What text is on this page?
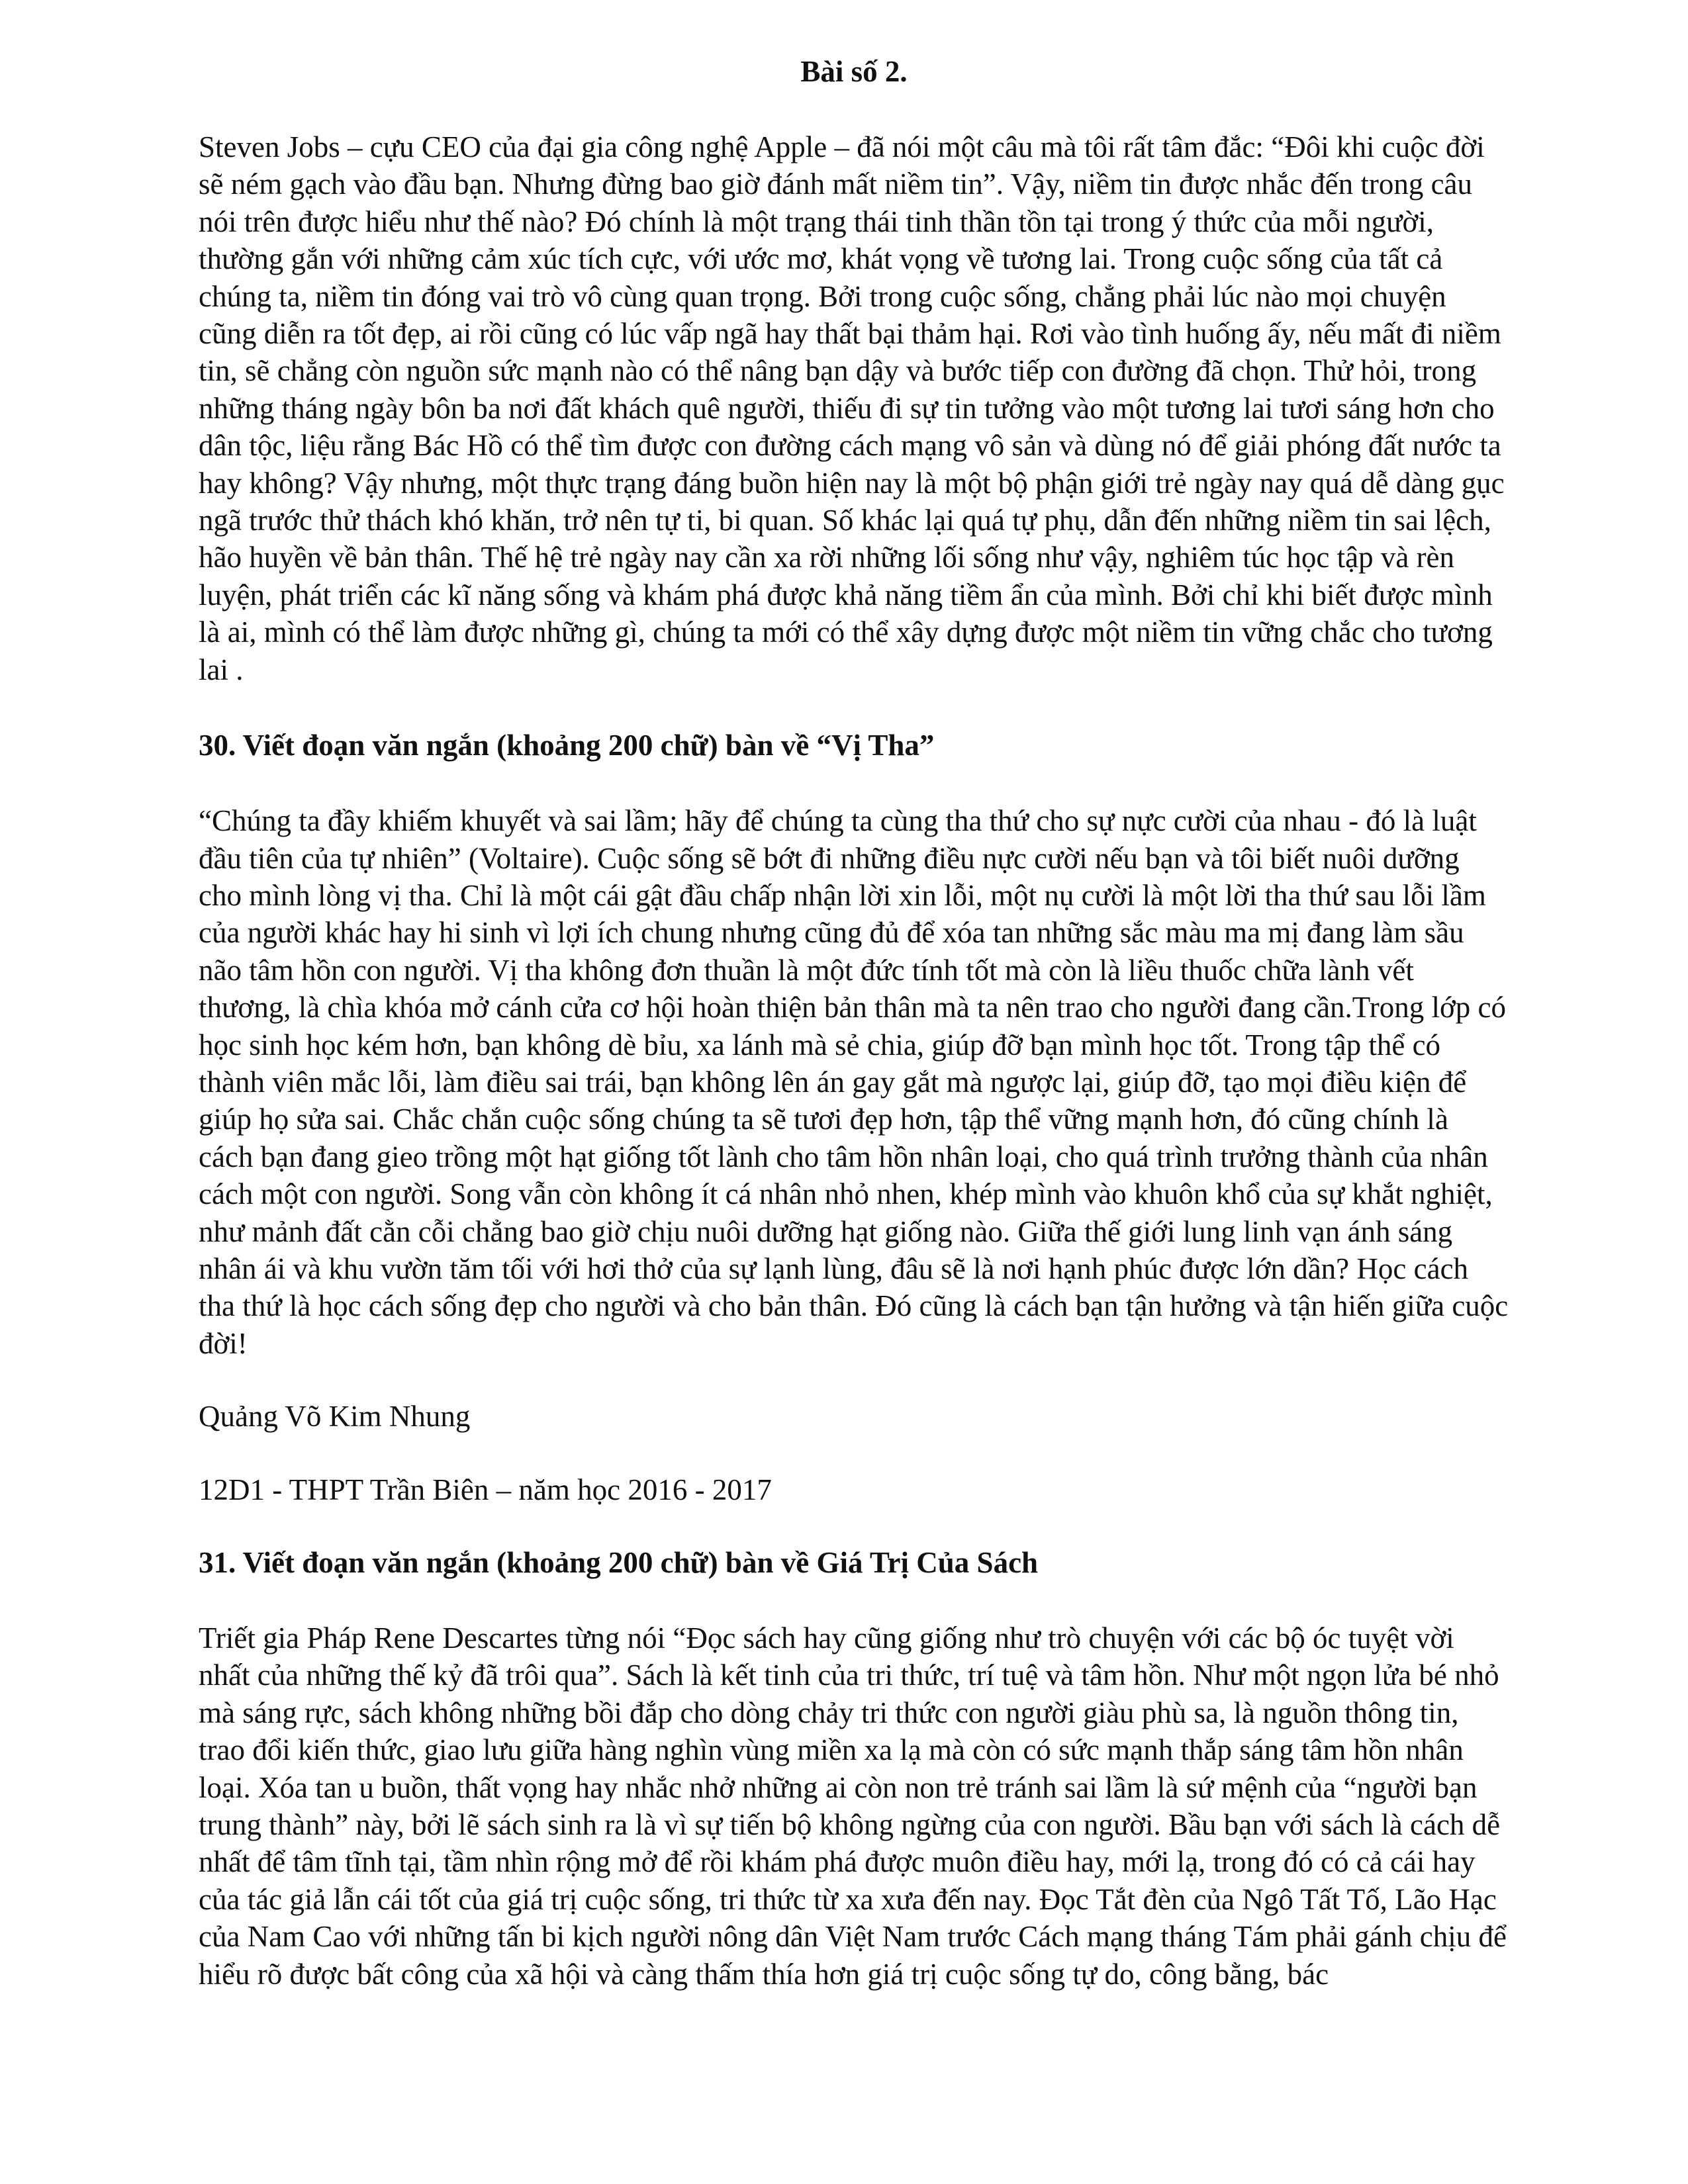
Bài số 2.

Steven Jobs – cựu CEO của đại gia công nghệ Apple – đã nói một câu mà tôi rất tâm đắc: “Đôi khi cuộc đời sẽ ném gạch vào đầu bạn. Nhưng đừng bao giờ đánh mất niềm tin”. Vậy, niềm tin được nhắc đến trong câu nói trên được hiểu như thế nào? Đó chính là một trạng thái tinh thần tồn tại trong ý thức của mỗi người, thường gắn với những cảm xúc tích cực, với ước mơ, khát vọng về tương lai. Trong cuộc sống của tất cả chúng ta, niềm tin đóng vai trò vô cùng quan trọng. Bởi trong cuộc sống, chẳng phải lúc nào mọi chuyện cũng diễn ra tốt đẹp, ai rồi cũng có lúc vấp ngã hay thất bại thảm hại. Rơi vào tình huống ấy, nếu mất đi niềm tin, sẽ chẳng còn nguồn sức mạnh nào có thể nâng bạn dậy và bước tiếp con đường đã chọn. Thử hỏi, trong những tháng ngày bôn ba nơi đất khách quê người, thiếu đi sự tin tưởng vào một tương lai tươi sáng hơn cho dân tộc, liệu rằng Bác Hồ có thể tìm được con đường cách mạng vô sản và dùng nó để giải phóng đất nước ta hay không? Vậy nhưng, một thực trạng đáng buồn hiện nay là một bộ phận giới trẻ ngày nay quá dễ dàng gục ngã trước thử thách khó khăn, trở nên tự ti, bi quan. Số khác lại quá tự phụ, dẫn đến những niềm tin sai lệch, hão huyền về bản thân. Thế hệ trẻ ngày nay cần xa rời những lối sống như vậy, nghiêm túc học tập và rèn luyện, phát triển các kĩ năng sống và khám phá được khả năng tiềm ẩn của mình. Bởi chỉ khi biết được mình là ai, mình có thể làm được những gì, chúng ta mới có thể xây dựng được một niềm tin vững chắc cho tương lai .

30. Viết đoạn văn ngắn (khoảng 200 chữ) bàn về “Vị Tha”

“Chúng ta đầy khiếm khuyết và sai lầm; hãy để chúng ta cùng tha thứ cho sự nực cười của nhau - đó là luật đầu tiên của tự nhiên” (Voltaire). Cuộc sống sẽ bớt đi những điều nực cười nếu bạn và tôi biết nuôi dưỡng cho mình lòng vị tha. Chỉ là một cái gật đầu chấp nhận lời xin lỗi, một nụ cười là một lời tha thứ sau lỗi lầm của người khác hay hi sinh vì lợi ích chung nhưng cũng đủ để xóa tan những sắc màu ma mị đang làm sầu não tâm hồn con người. Vị tha không đơn thuần là một đức tính tốt mà còn là liều thuốc chữa lành vết thương, là chìa khóa mở cánh cửa cơ hội hoàn thiện bản thân mà ta nên trao cho người đang cần.Trong lớp có học sinh học kém hơn, bạn không dè bỉu, xa lánh mà sẻ chia, giúp đỡ bạn mình học tốt. Trong tập thể có thành viên mắc lỗi, làm điều sai trái, bạn không lên án gay gắt mà ngược lại, giúp đỡ, tạo mọi điều kiện để giúp họ sửa sai. Chắc chắn cuộc sống chúng ta sẽ tươi đẹp hơn, tập thể vững mạnh hơn, đó cũng chính là cách bạn đang gieo trồng một hạt giống tốt lành cho tâm hồn nhân loại, cho quá trình trưởng thành của nhân cách một con người. Song vẫn còn không ít cá nhân nhỏ nhen, khép mình vào khuôn khổ của sự khắt nghiệt, như mảnh đất cằn cỗi chẳng bao giờ chịu nuôi dưỡng hạt giống nào. Giữa thế giới lung linh vạn ánh sáng nhân ái và khu vườn tăm tối với hơi thở của sự lạnh lùng, đâu sẽ là nơi hạnh phúc được lớn dần? Học cách tha thứ là học cách sống đẹp cho người và cho bản thân. Đó cũng là cách bạn tận hưởng và tận hiến giữa cuộc đời!

Quảng Võ Kim Nhung

12D1 - THPT Trần Biên – năm học 2016 - 2017

31. Viết đoạn văn ngắn (khoảng 200 chữ) bàn về Giá Trị Của Sách

Triết gia Pháp Rene Descartes từng nói “Đọc sách hay cũng giống như trò chuyện với các bộ óc tuyệt vời nhất của những thế kỷ đã trôi qua”. Sách là kết tinh của tri thức, trí tuệ và tâm hồn. Như một ngọn lửa bé nhỏ mà sáng rực, sách không những bồi đắp cho dòng chảy tri thức con người giàu phù sa, là nguồn thông tin, trao đổi kiến thức, giao lưu giữa hàng nghìn vùng miền xa lạ mà còn có sức mạnh thắp sáng tâm hồn nhân loại. Xóa tan u buồn, thất vọng hay nhắc nhở những ai còn non trẻ tránh sai lầm là sứ mệnh của “người bạn trung thành” này, bởi lẽ sách sinh ra là vì sự tiến bộ không ngừng của con người. Bầu bạn với sách là cách dễ nhất để tâm tĩnh tại, tầm nhìn rộng mở để rồi khám phá được muôn điều hay, mới lạ, trong đó có cả cái hay của tác giả lẫn cái tốt của giá trị cuộc sống, tri thức từ xa xưa đến nay. Đọc Tắt đèn của Ngô Tất Tố, Lão Hạc của Nam Cao với những tấn bi kịch người nông dân Việt Nam trước Cách mạng tháng Tám phải gánh chịu để hiểu rõ được bất công của xã hội và càng thấm thía hơn giá trị cuộc sống tự do, công bằng, bác
